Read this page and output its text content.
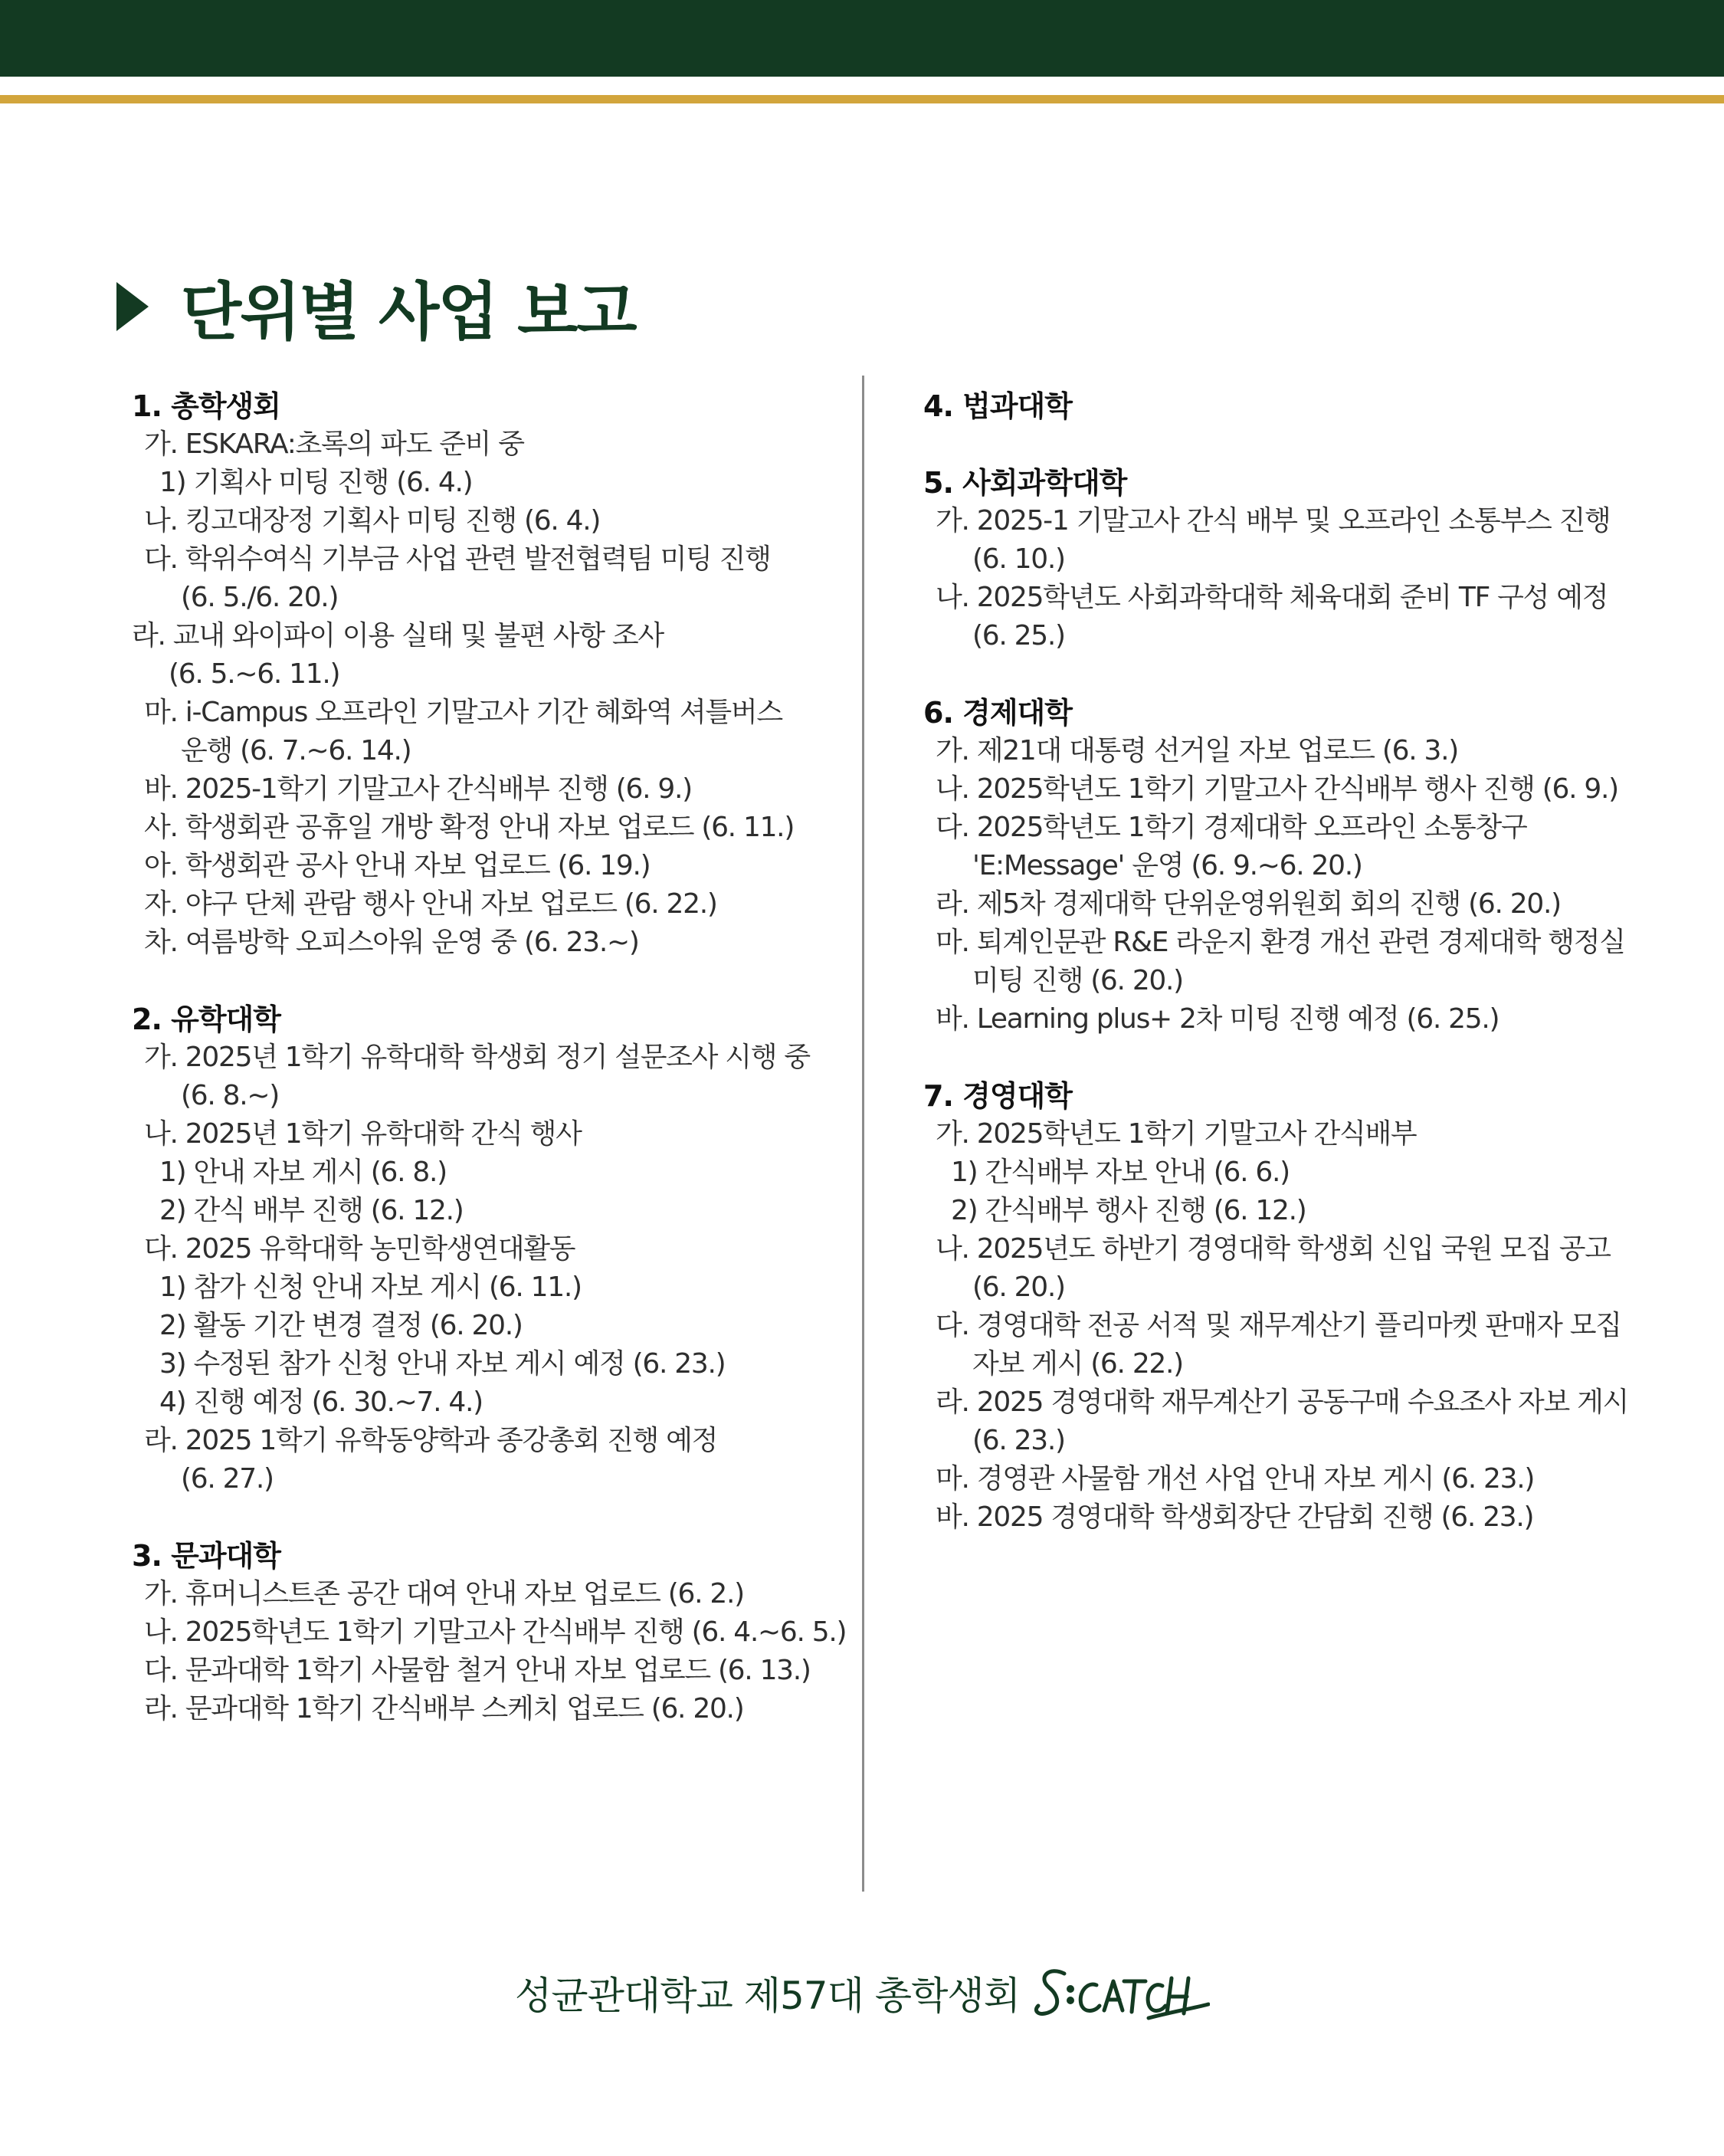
단위별 사업 보고
1. 총학생회
가. ESKARA:초록의 파도 준비 중
1) 기획사 미팅 진행 (6. 4.)
나. 킹고대장정 기획사 미팅 진행 (6. 4.)
다. 학위수여식 기부금 사업 관련 발전협력팀 미팅 진행
(6. 5./6. 20.)
라. 교내 와이파이 이용 실태 및 불편 사항 조사
(6. 5.~6. 11.)
마. i-Campus 오프라인 기말고사 기간 혜화역 셔틀버스
운행 (6. 7.~6. 14.)
바. 2025-1학기 기말고사 간식배부 진행 (6. 9.)
사. 학생회관 공휴일 개방 확정 안내 자보 업로드 (6. 11.)
아. 학생회관 공사 안내 자보 업로드 (6. 19.)
자. 야구 단체 관람 행사 안내 자보 업로드 (6. 22.)
차. 여름방학 오피스아워 운영 중 (6. 23.~)
2. 유학대학
가. 2025년 1학기 유학대학 학생회 정기 설문조사 시행 중
(6. 8.~)
나. 2025년 1학기 유학대학 간식 행사
1) 안내 자보 게시 (6. 8.)
2) 간식 배부 진행 (6. 12.)
다. 2025 유학대학 농민학생연대활동
1) 참가 신청 안내 자보 게시 (6. 11.)
2) 활동 기간 변경 결정 (6. 20.)
3) 수정된 참가 신청 안내 자보 게시 예정 (6. 23.)
4) 진행 예정 (6. 30.~7. 4.)
라. 2025 1학기 유학동양학과 종강총회 진행 예정
(6. 27.)
3. 문과대학
가. 휴머니스트존 공간 대여 안내 자보 업로드 (6. 2.)
나. 2025학년도 1학기 기말고사 간식배부 진행 (6. 4.~6. 5.)
다. 문과대학 1학기 사물함 철거 안내 자보 업로드 (6. 13.)
라. 문과대학 1학기 간식배부 스케치 업로드 (6. 20.)
4. 법과대학
5. 사회과학대학
가. 2025-1 기말고사 간식 배부 및 오프라인 소통부스 진행
(6. 10.)
나. 2025학년도 사회과학대학 체육대회 준비 TF 구성 예정
(6. 25.)
6. 경제대학
가. 제21대 대통령 선거일 자보 업로드 (6. 3.)
나. 2025학년도 1학기 기말고사 간식배부 행사 진행 (6. 9.)
다. 2025학년도 1학기 경제대학 오프라인 소통창구
'E:Message' 운영 (6. 9.~6. 20.)
라. 제5차 경제대학 단위운영위원회 회의 진행 (6. 20.)
마. 퇴계인문관 R&E 라운지 환경 개선 관련 경제대학 행정실
미팅 진행 (6. 20.)
바. Learning plus+ 2차 미팅 진행 예정 (6. 25.)
7. 경영대학
가. 2025학년도 1학기 기말고사 간식배부
1) 간식배부 자보 안내 (6. 6.)
2) 간식배부 행사 진행 (6. 12.)
나. 2025년도 하반기 경영대학 학생회 신입 국원 모집 공고
(6. 20.)
다. 경영대학 전공 서적 및 재무계산기 플리마켓 판매자 모집
자보 게시 (6. 22.)
라. 2025 경영대학 재무계산기 공동구매 수요조사 자보 게시
(6. 23.)
마. 경영관 사물함 개선 사업 안내 자보 게시 (6. 23.)
바. 2025 경영대학 학생회장단 간담회 진행 (6. 23.)
성균관대학교 제57대 총학생회
